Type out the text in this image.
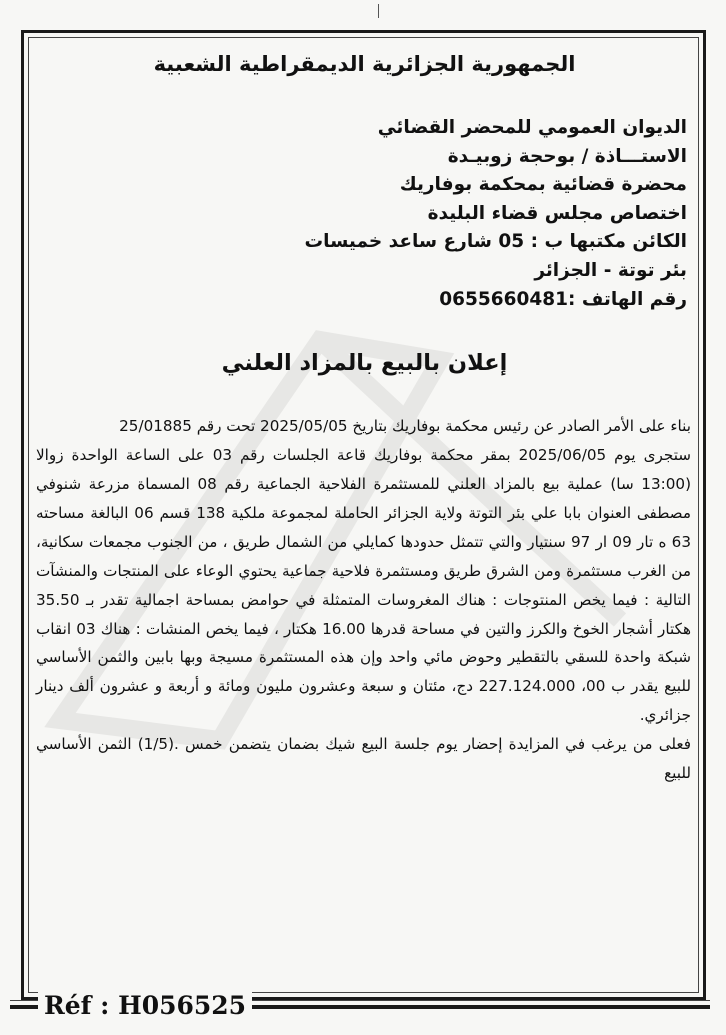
الجمهورية الجزائرية الديمقراطية الشعبية
الديوان العمومي للمحضر القضائي
الاستـــاذة / بوحجة زوبيـدة
محضرة قضائية بمحكمة بوفاريك
اختصاص مجلس قضاء البليدة
الكائن مكتبها ب : 05 شارع ساعد خميسات
بئر توتة - الجزائر
رقم الهاتف :0655660481
إعلان بالبيع بالمزاد العلني

بناء على الأمر الصادر عن رئيس محكمة بوفاريك بتاريخ 2025/05/05 تحت رقم 25/01885

ستجرى يوم 2025/06/05 بمقر محكمة بوفاريك قاعة الجلسات رقم 03 على الساعة الواحدة زوالا (13:00 سا) عملية بيع بالمزاد العلني للمستثمرة الفلاحية الجماعية رقم 08 المسماة مزرعة شنوفي مصطفى العنوان بابا علي بئر التوتة ولاية الجزائر الحاملة لمجموعة ملكية 138 قسم 06 البالغة مساحته 63 ه تار 09 ار 97 سنتيار والتي تتمثل حدودها كمايلي من الشمال طريق ، من الجنوب مجمعات سكانية، من الغرب مستثمرة ومن الشرق طريق ومستثمرة فلاحية جماعية يحتوي الوعاء على المنتجات والمنشآت التالية : فيما يخص المنتوجات : هناك المغروسات المتمثلة في حوامض بمساحة اجمالية تقدر بـ 35.50 هكتار أشجار الخوخ والكرز والتين في مساحة قدرها 16.00 هكتار ، فيما يخص المنشات : هناك 03 انقاب شبكة واحدة للسقي بالتقطير وحوض مائي واحد وإن هذه المستثمرة مسيجة وبها بابين والثمن الأساسي للبيع يقدر ب 00، 227.124.000 دج، مئتان و سبعة وعشرون مليون ومائة و أربعة و عشرون ألف دينار جزائري.

فعلى من يرغب في المزايدة إحضار يوم جلسة البيع شيك بضمان يتضمن خمس .(1/5) الثمن الأساسي للبيع

Réf : H056525
